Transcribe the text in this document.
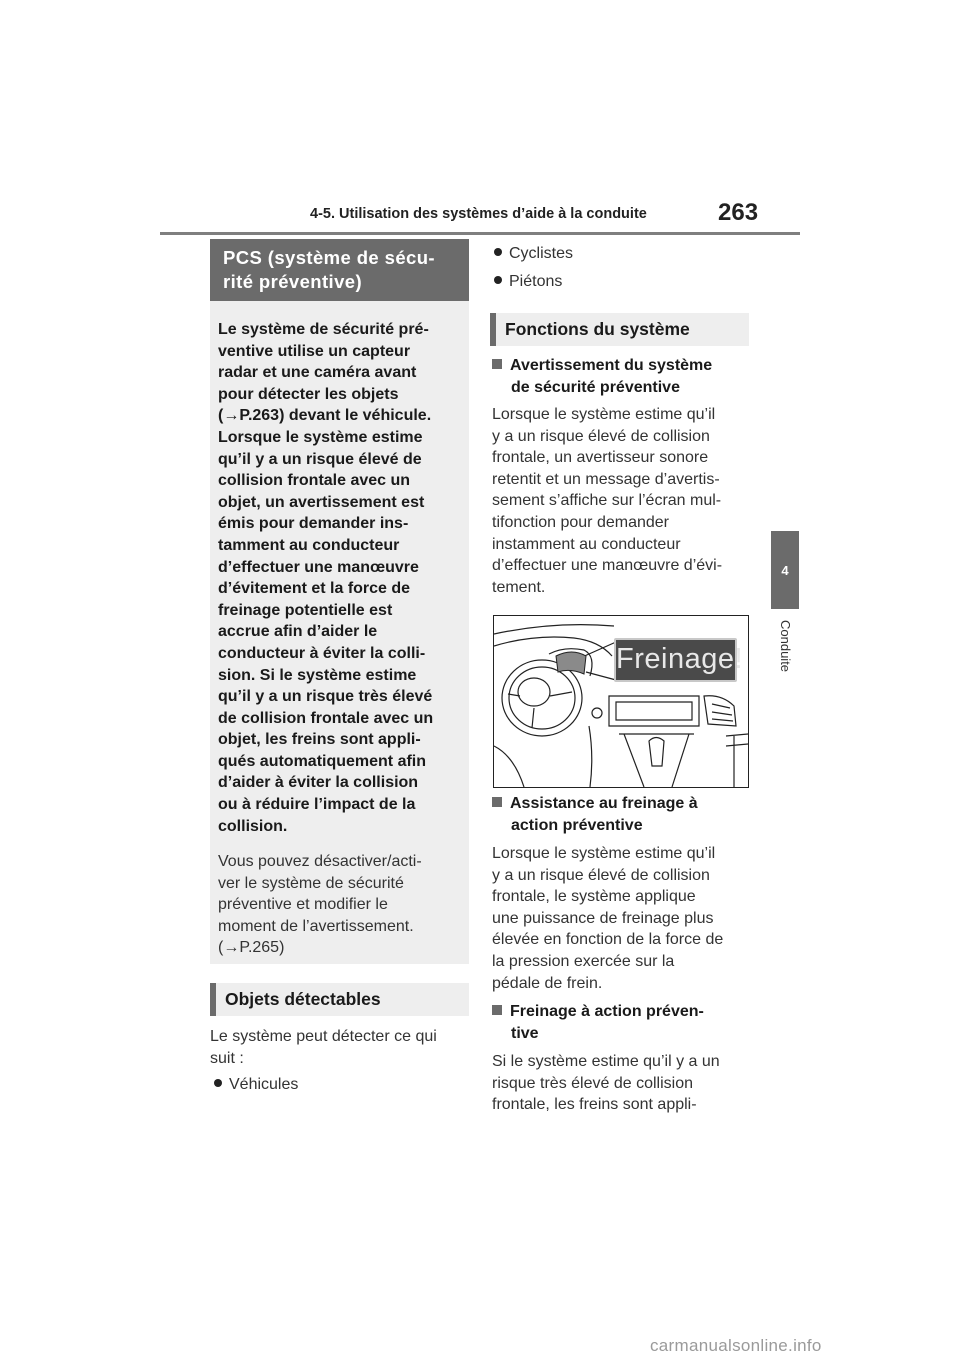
4-5. Utilisation des systèmes d’aide à la conduite	263
4
Conduite
PCS (système de sécu-
rité préventive)
Le système de sécurité pré-
ventive utilise un capteur
radar et une caméra avant
pour détecter les objets
(→P.263) devant le véhicule.
Lorsque le système estime
qu’il y a un risque élevé de
collision frontale avec un
objet, un avertissement est
émis pour demander ins-
tamment au conducteur
d’effectuer une manœuvre
d’évitement et la force de
freinage potentielle est
accrue afin d’aider le
conducteur à éviter la colli-
sion. Si le système estime
qu’il y a un risque très élevé
de collision frontale avec un
objet, les freins sont appli-
qués automatiquement afin
d’aider à éviter la collision
ou à réduire l’impact de la
collision.
Vous pouvez désactiver/acti-
ver le système de sécurité
préventive et modifier le
moment de l’avertissement.
(→P.265)
Objets détectables
Le système peut détecter ce qui
suit :
Véhicules
Cyclistes
Piétons
Fonctions du système
Avertissement du système
de sécurité préventive
Lorsque le système estime qu’il
y a un risque élevé de collision
frontale, un avertisseur sonore
retentit et un message d’avertis-
sement s’affiche sur l’écran mul-
tifonction pour demander
instamment au conducteur
d’effectuer une manœuvre d’évi-
tement.
Freinage!
Assistance au freinage à
action préventive
Lorsque le système estime qu’il
y a un risque élevé de collision
frontale, le système applique
une puissance de freinage plus
élevée en fonction de la force de
la pression exercée sur la
pédale de frein.
Freinage à action préven-
tive
Si le système estime qu’il y a un
risque très élevé de collision
frontale, les freins sont appli-
carmanualsonline.info
